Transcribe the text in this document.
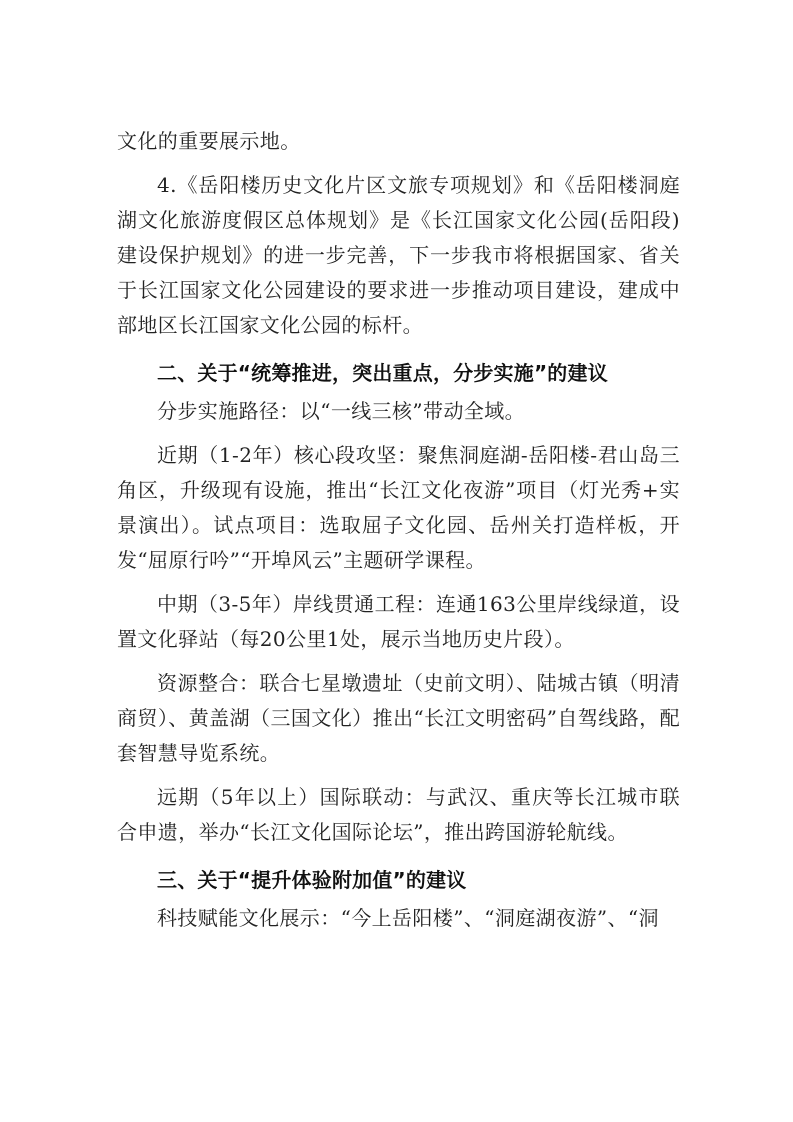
文化的重要展示地。

4.《岳阳楼历史文化片区文旅专项规划》和《岳阳楼洞庭湖文化旅游度假区总体规划》是《长江国家文化公园(岳阳段)建设保护规划》的进一步完善，下一步我市将根据国家、省关于长江国家文化公园建设的要求进一步推动项目建设，建成中部地区长江国家文化公园的标杆。

二、关于“统筹推进，突出重点，分步实施”的建议

分步实施路径：以“一线三核”带动全域。

近期（1-2年）核心段攻坚：聚焦洞庭湖-岳阳楼-君山岛三角区，升级现有设施，推出“长江文化夜游”项目（灯光秀+实景演出）。试点项目：选取屈子文化园、岳州关打造样板，开发“屈原行吟”“开埠风云”主题研学课程。

中期（3-5年）岸线贯通工程：连通163公里岸线绿道，设置文化驿站（每20公里1处，展示当地历史片段）。

资源整合：联合七星墩遗址（史前文明）、陆城古镇（明清商贸）、黄盖湖（三国文化）推出“长江文明密码”自驾线路，配套智慧导览系统。

远期（5年以上）国际联动：与武汉、重庆等长江城市联合申遗，举办“长江文化国际论坛”，推出跨国游轮航线。

三、关于“提升体验附加值”的建议

科技赋能文化展示：“今上岳阳楼”、“洞庭湖夜游”、“洞
